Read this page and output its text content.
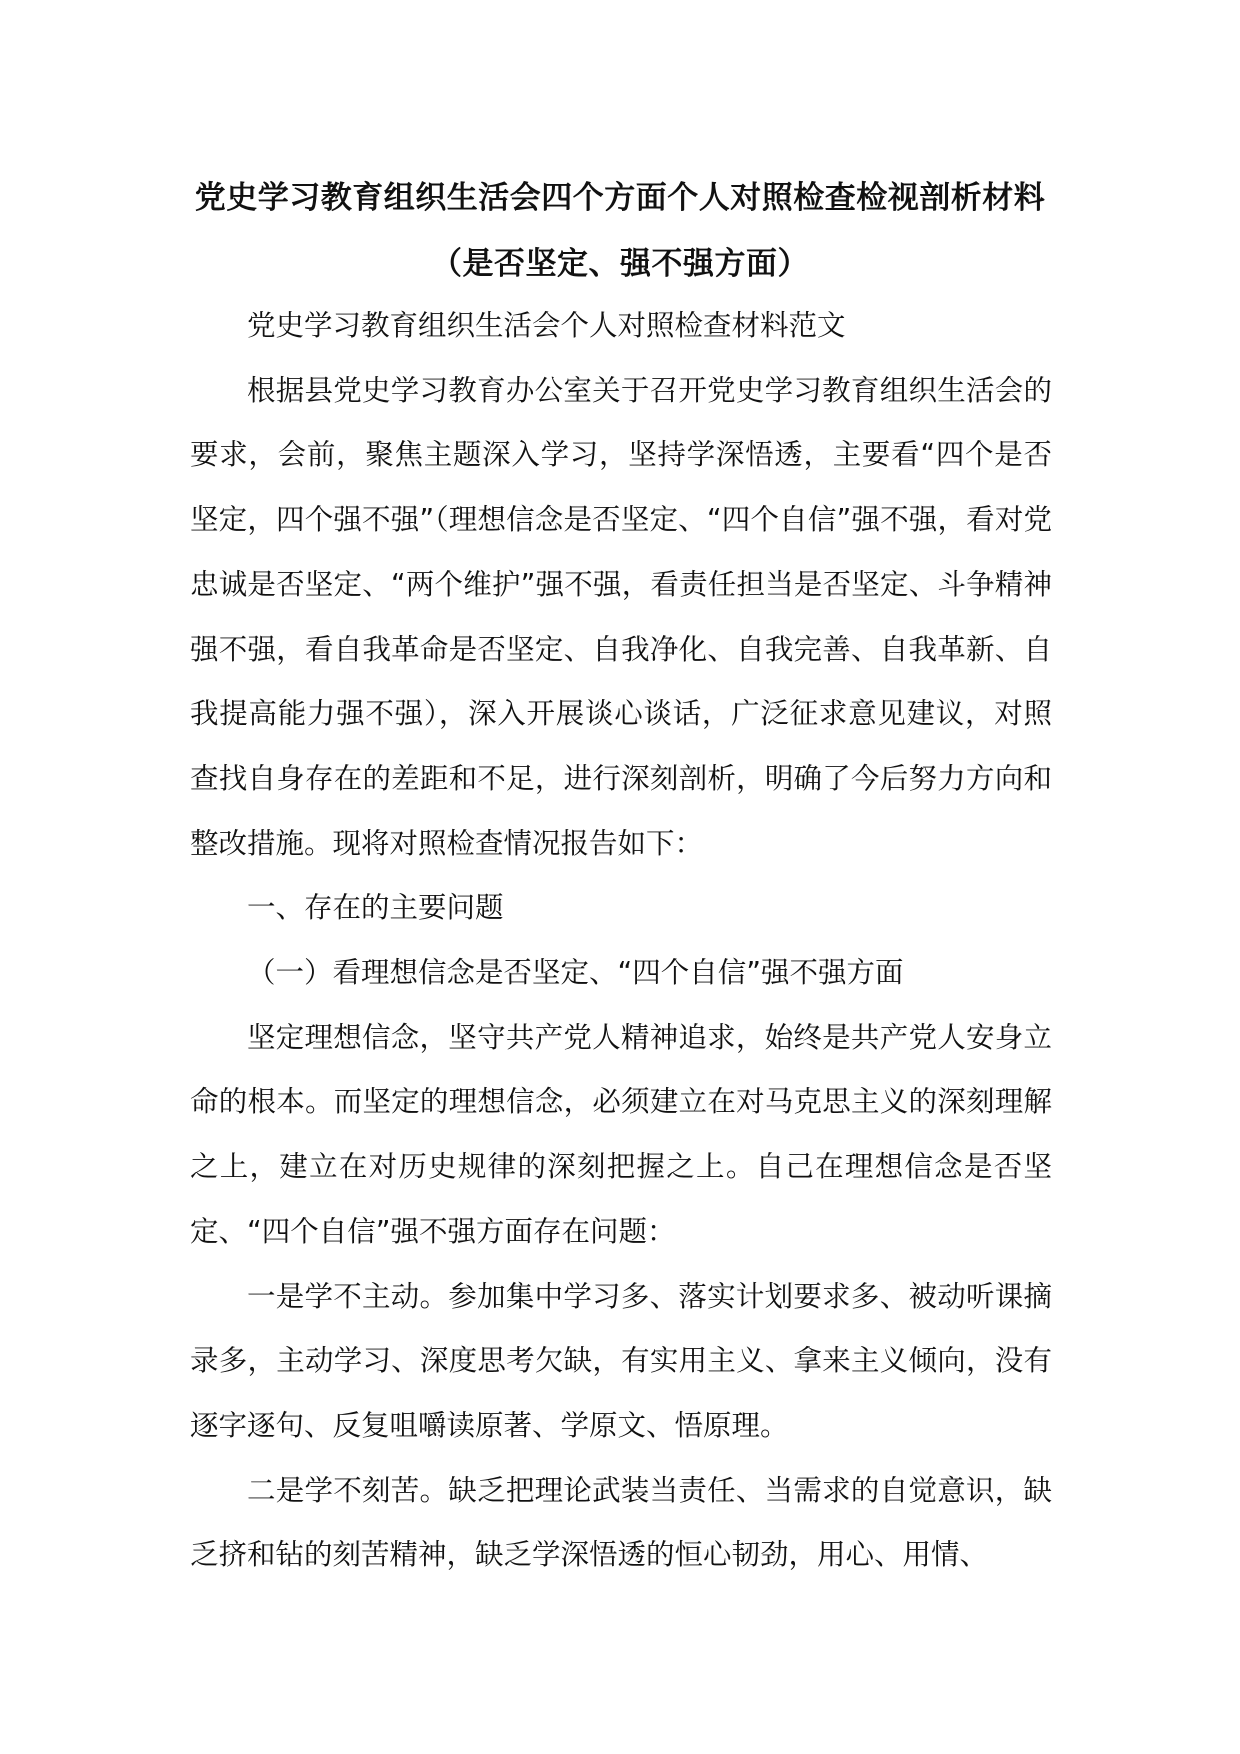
党史学习教育组织生活会四个方面个人对照检查检视剖析材料（是否坚定、强不强方面）

党史学习教育组织生活会个人对照检查材料范文

根据县党史学习教育办公室关于召开党史学习教育组织生活会的要求，会前，聚焦主题深入学习，坚持学深悟透，主要看“四个是否坚定，四个强不强”（理想信念是否坚定、“四个自信”强不强，看对党忠诚是否坚定、“两个维护”强不强，看责任担当是否坚定、斗争精神强不强，看自我革命是否坚定、自我净化、自我完善、自我革新、自我提高能力强不强），深入开展谈心谈话，广泛征求意见建议，对照查找自身存在的差距和不足，进行深刻剖析，明确了今后努力方向和整改措施。现将对照检查情况报告如下：

一、存在的主要问题

（一）看理想信念是否坚定、“四个自信”强不强方面

坚定理想信念，坚守共产党人精神追求，始终是共产党人安身立命的根本。而坚定的理想信念，必须建立在对马克思主义的深刻理解之上，建立在对历史规律的深刻把握之上。自己在理想信念是否坚定、“四个自信”强不强方面存在问题：

一是学不主动。参加集中学习多、落实计划要求多、被动听课摘录多，主动学习、深度思考欠缺，有实用主义、拿来主义倾向，没有逐字逐句、反复咀嚼读原著、学原文、悟原理。

二是学不刻苦。缺乏把理论武装当责任、当需求的自觉意识，缺乏挤和钻的刻苦精神，缺乏学深悟透的恒心韧劲，用心、用情、
